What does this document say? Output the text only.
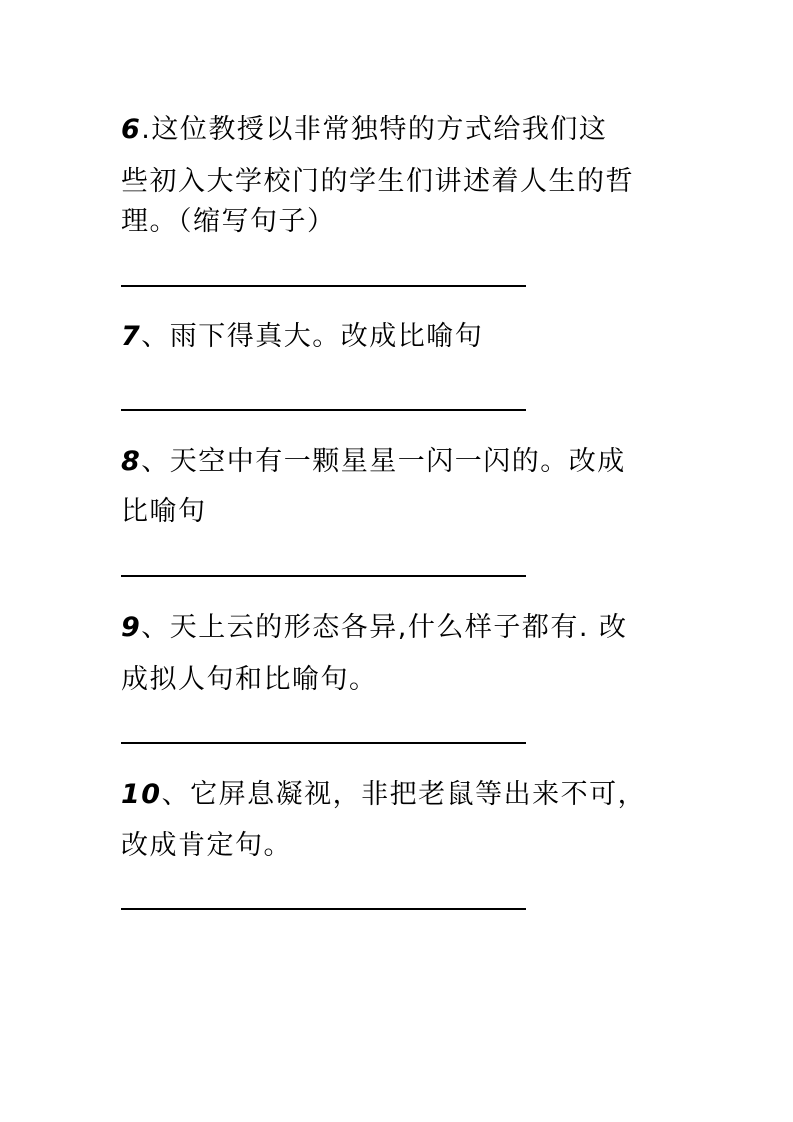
6.这位教授以非常独特的方式给我们这
些初入大学校门的学生们讲述着人生的哲
理。（缩写句子）
7、雨下得真大。改成比喻句
8、天空中有一颗星星一闪一闪的。改成
比喻句
9、天上云的形态各异,什么样子都有. 改
成拟人句和比喻句。
10、它屏息凝视，非把老鼠等出来不可，
改成肯定句。
